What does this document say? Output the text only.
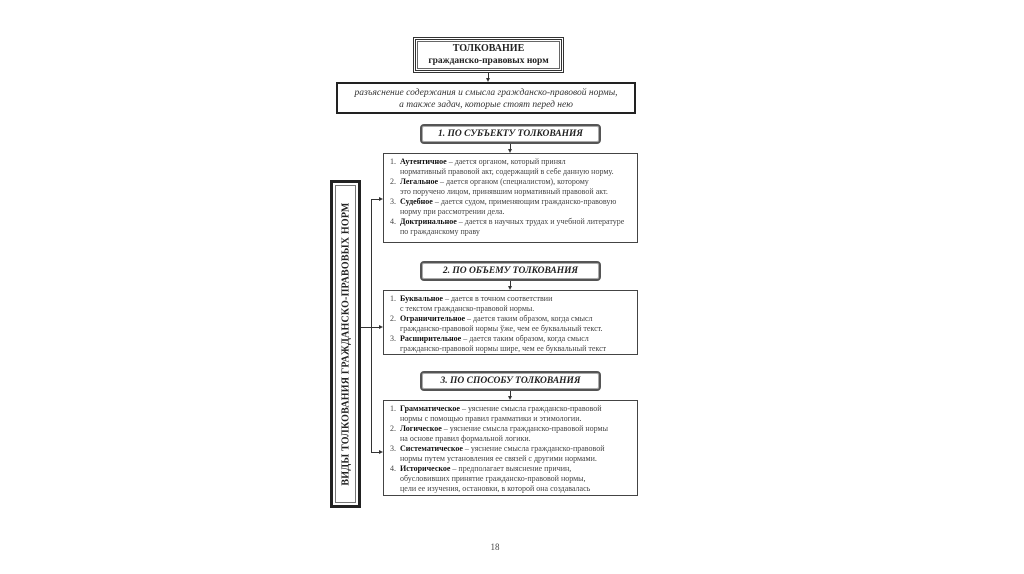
ТОЛКОВАНИЕ
гражданско-правовых норм
разъяснение содержания и смысла гражданско-правовой нормы,
а также задач, которые стоят перед нею
ВИДЫ ТОЛКОВАНИЯ ГРАЖДАНСКО-ПРАВОВЫХ НОРМ
1. ПО СУБЪЕКТУ ТОЛКОВАНИЯ
1. Аутентичное – дается органом, который принял
нормативный правовой акт, содержащий в себе данную норму.
2. Легальное – дается органом (специалистом), которому
это поручено лицом, принявшим нормативный правовой акт.
3. Судебное – дается судом, применяющим гражданско-правовую
норму при рассмотрении дела.
4. Доктринальное – дается в научных трудах и учебной литературе
по гражданскому праву
2. ПО ОБЪЕМУ ТОЛКОВАНИЯ
1. Буквальное – дается в точном соответствии
с текстом гражданско-правовой нормы.
2. Ограничительное – дается таким образом, когда смысл
гражданско-правовой нормы ўже, чем ее буквальный текст.
3. Расширительное – дается таким образом, когда смысл
гражданско-правовой нормы шире, чем ее буквальный текст
3. ПО СПОСОБУ ТОЛКОВАНИЯ
1. Грамматическое – уяснение смысла гражданско-правовой
нормы с помощью правил грамматики и этимологии.
2. Логическое – уяснение смысла гражданско-правовой нормы
на основе правил формальной логики.
3. Систематическое – уяснение смысла гражданско-правовой
нормы путем установления ее связей с другими нормами.
4. Историческое – предполагает выяснение причин,
обусловивших принятие гражданско-правовой нормы,
цели ее изучения, остановки, в которой она создавалась
18
